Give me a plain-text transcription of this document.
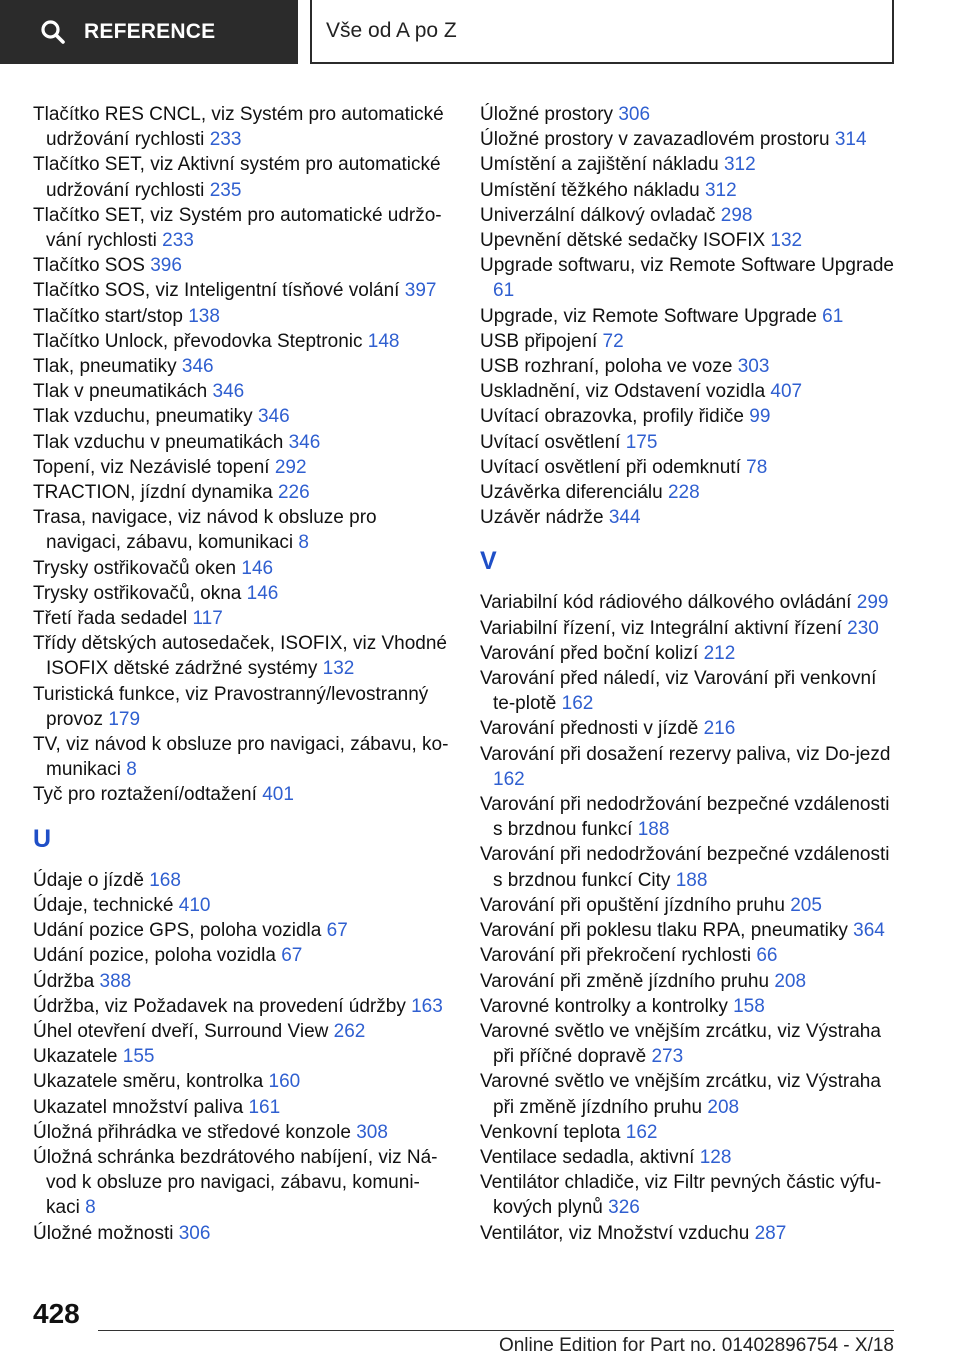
REFERENCE	Vše od A po Z
Tlačítko RES CNCL, viz Systém pro automatické udržování rychlosti 233
Tlačítko SET, viz Aktivní systém pro automatické udržování rychlosti 235
Tlačítko SET, viz Systém pro automatické udržo‐vání rychlosti 233
Tlačítko SOS 396
Tlačítko SOS, viz Inteligentní tísňové volání 397
Tlačítko start/stop 138
Tlačítko Unlock, převodovka Steptronic 148
Tlak, pneumatiky 346
Tlak v pneumatikách 346
Tlak vzduchu, pneumatiky 346
Tlak vzduchu v pneumatikách 346
Topení, viz Nezávislé topení 292
TRACTION, jízdní dynamika 226
Trasa, navigace, viz návod k obsluze pro navigaci, zábavu, komunikaci 8
Trysky ostřikovačů oken 146
Trysky ostřikovačů, okna 146
Třetí řada sedadel 117
Třídy dětských autosedaček, ISOFIX, viz Vhodné ISOFIX dětské zádržné systémy 132
Turistická funkce, viz Pravostranný/levostranný provoz 179
TV, viz návod k obsluze pro navigaci, zábavu, ko‐munikaci 8
Tyč pro roztažení/odtažení 401
U
Údaje o jízdě 168
Údaje, technické 410
Udání pozice GPS, poloha vozidla 67
Udání pozice, poloha vozidla 67
Údržba 388
Údržba, viz Požadavek na provedení údržby 163
Úhel otevření dveří, Surround View 262
Ukazatele 155
Ukazatele směru, kontrolka 160
Ukazatel množství paliva 161
Úložná přihrádka ve středové konzole 308
Úložná schránka bezdrátového nabíjení, viz Ná‐vod k obsluze pro navigaci, zábavu, komuni‐kaci 8
Úložné možnosti 306
Úložné prostory 306
Úložné prostory v zavazadlovém prostoru 314
Umístění a zajištění nákladu 312
Umístění těžkého nákladu 312
Univerzální dálkový ovladač 298
Upevnění dětské sedačky ISOFIX 132
Upgrade softwaru, viz Remote Software Upgrade 61
Upgrade, viz Remote Software Upgrade 61
USB připojení 72
USB rozhraní, poloha ve voze 303
Uskladnění, viz Odstavení vozidla 407
Uvítací obrazovka, profily řidiče 99
Uvítací osvětlení 175
Uvítací osvětlení při odemknutí 78
Uzávěrka diferenciálu 228
Uzávěr nádrže 344
V
Variabilní kód rádiového dálkového ovládání 299
Variabilní řízení, viz Integrální aktivní řízení 230
Varování před boční kolizí 212
Varování před náledí, viz Varování při venkovní te‐plotě 162
Varování přednosti v jízdě 216
Varování při dosažení rezervy paliva, viz Do‐jezd 162
Varování při nedodržování bezpečné vzdálenosti s brzdnou funkcí 188
Varování při nedodržování bezpečné vzdálenosti s brzdnou funkcí City 188
Varování při opuštění jízdního pruhu 205
Varování při poklesu tlaku RPA, pneumatiky 364
Varování při překročení rychlosti 66
Varování při změně jízdního pruhu 208
Varovné kontrolky a kontrolky 158
Varovné světlo ve vnějším zrcátku, viz Výstraha při příčné dopravě 273
Varovné světlo ve vnějším zrcátku, viz Výstraha při změně jízdního pruhu 208
Venkovní teplota 162
Ventilace sedadla, aktivní 128
Ventilátor chladiče, viz Filtr pevných částic výfu‐kových plynů 326
Ventilátor, viz Množství vzduchu 287
428
Online Edition for Part no. 01402896754 - X/18
